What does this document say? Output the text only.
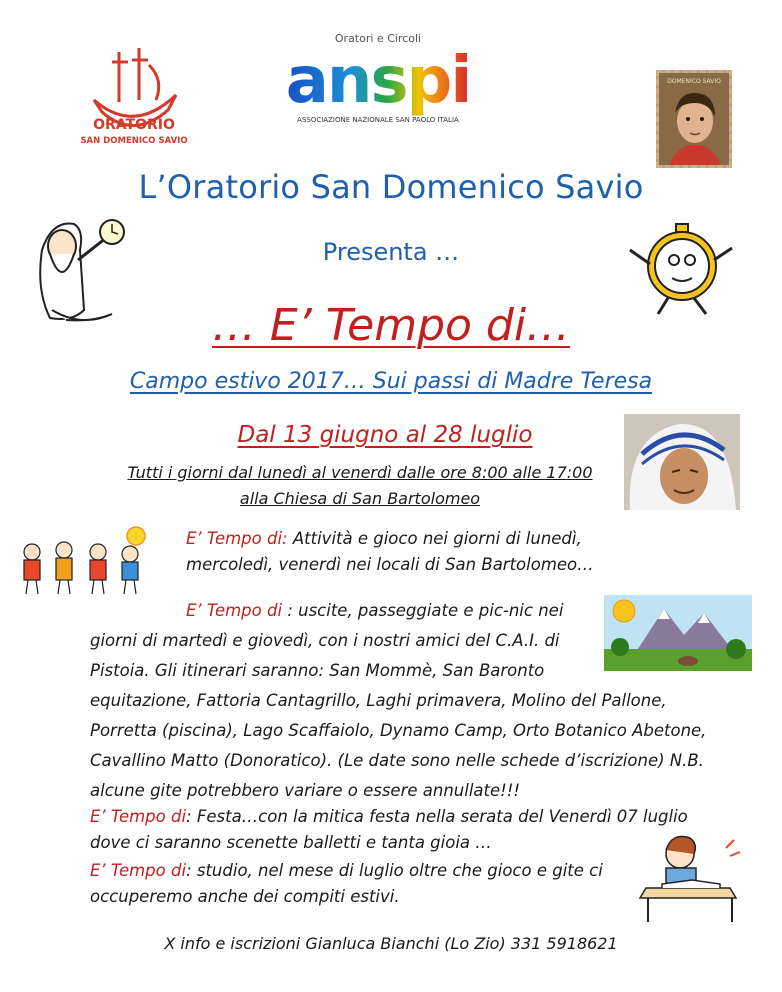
ORATORIO
SAN DOMENICO SAVIO
Oratori e Circoli
anspi
ASSOCIAZIONE NAZIONALE SAN PAOLO ITALIA
DOMENICO SAVIO
L’Oratorio San Domenico Savio
Presenta …
… E’ Tempo di…
Campo estivo 2017… Sui passi di Madre Teresa
Dal 13 giugno al 28 luglio
Tutti i giorni dal lunedì al venerdì dalle ore 8:00 alle 17:00
alla Chiesa di San Bartolomeo
E’ Tempo di: Attività e gioco nei giorni di lunedì, mercoledì, venerdì nei locali di San Bartolomeo…
E’ Tempo di : uscite, passeggiate e pic-nic nei
giorni di martedì e giovedì, con i nostri amici del C.A.I. di Pistoia. Gli itinerari saranno: San Mommè, San Baronto equitazione, Fattoria Cantagrillo, Laghi primavera, Molino del Pallone, Porretta (piscina), Lago Scaffaiolo, Dynamo Camp, Orto Botanico Abetone, Cavallino Matto (Donoratico). (Le date sono nelle schede d’iscrizione) N.B. alcune gite potrebbero variare o essere annullate!!!
E’ Tempo di: Festa…con la mitica festa nella serata del Venerdì 07 luglio dove ci saranno scenette balletti e tanta gioia …
E’ Tempo di: studio, nel mese di luglio oltre che gioco e gite ci occuperemo anche dei compiti estivi.
X info e iscrizioni Gianluca Bianchi (Lo Zio) 331 5918621
